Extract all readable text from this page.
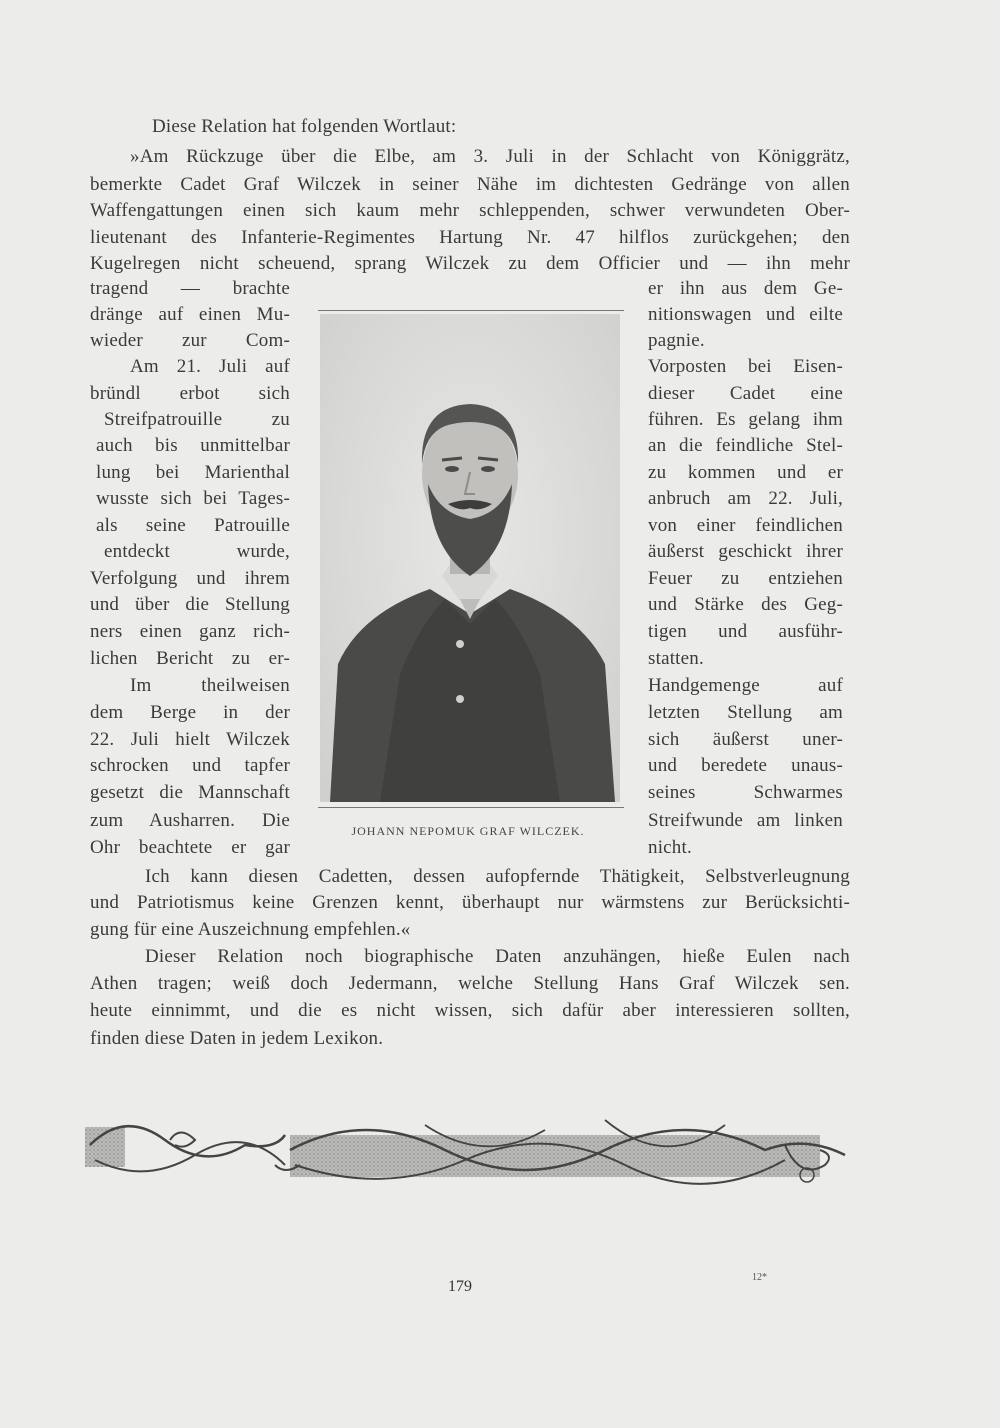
Diese Relation hat folgenden Wortlaut:
»Am Rückzuge über die Elbe, am 3. Juli in der Schlacht von Königgrätz,
bemerkte Cadet Graf Wilczek in seiner Nähe im dichtesten Gedränge von allen
Waffengattungen einen sich kaum mehr schleppenden, schwer verwundeten Ober-
lieutenant des Infanterie-Regimentes Hartung Nr. 47 hilflos zurückgehen; den
Kugelregen nicht scheuend, sprang Wilczek zu dem Officier und — ihn mehr
tragend — brachte
dränge auf einen Mu-
wieder zur Com-
Am 21. Juli auf
bründl erbot sich
Streifpatrouille zu
auch bis unmittelbar
lung bei Marienthal
wusste sich bei Tages-
als seine Patrouille
entdeckt wurde,
Verfolgung und ihrem
und über die Stellung
ners einen ganz rich-
lichen Bericht zu er-
Im theilweisen
dem Berge in der
22. Juli hielt Wilczek
schrocken und tapfer
gesetzt die Mannschaft
zum Ausharren. Die
Ohr beachtete er gar
er ihn aus dem Ge-
nitionswagen und eilte
pagnie.
Vorposten bei Eisen-
dieser Cadet eine
führen. Es gelang ihm
an die feindliche Stel-
zu kommen und er
anbruch am 22. Juli,
von einer feindlichen
äußerst geschickt ihrer
Feuer zu entziehen
und Stärke des Geg-
tigen und ausführ-
statten.
Handgemenge auf
letzten Stellung am
sich äußerst uner-
und beredete unaus-
seines Schwarmes
Streifwunde am linken
nicht.
JOHANN NEPOMUK GRAF WILCZEK.
Ich kann diesen Cadetten, dessen aufopfernde Thätigkeit, Selbstverleugnung
und Patriotismus keine Grenzen kennt, überhaupt nur wärmstens zur Berücksichti-
gung für eine Auszeichnung empfehlen.«
Dieser Relation noch biographische Daten anzuhängen, hieße Eulen nach
Athen tragen; weiß doch Jedermann, welche Stellung Hans Graf Wilczek sen.
heute einnimmt, und die es nicht wissen, sich dafür aber interessieren sollten,
finden diese Daten in jedem Lexikon.
179
12*
